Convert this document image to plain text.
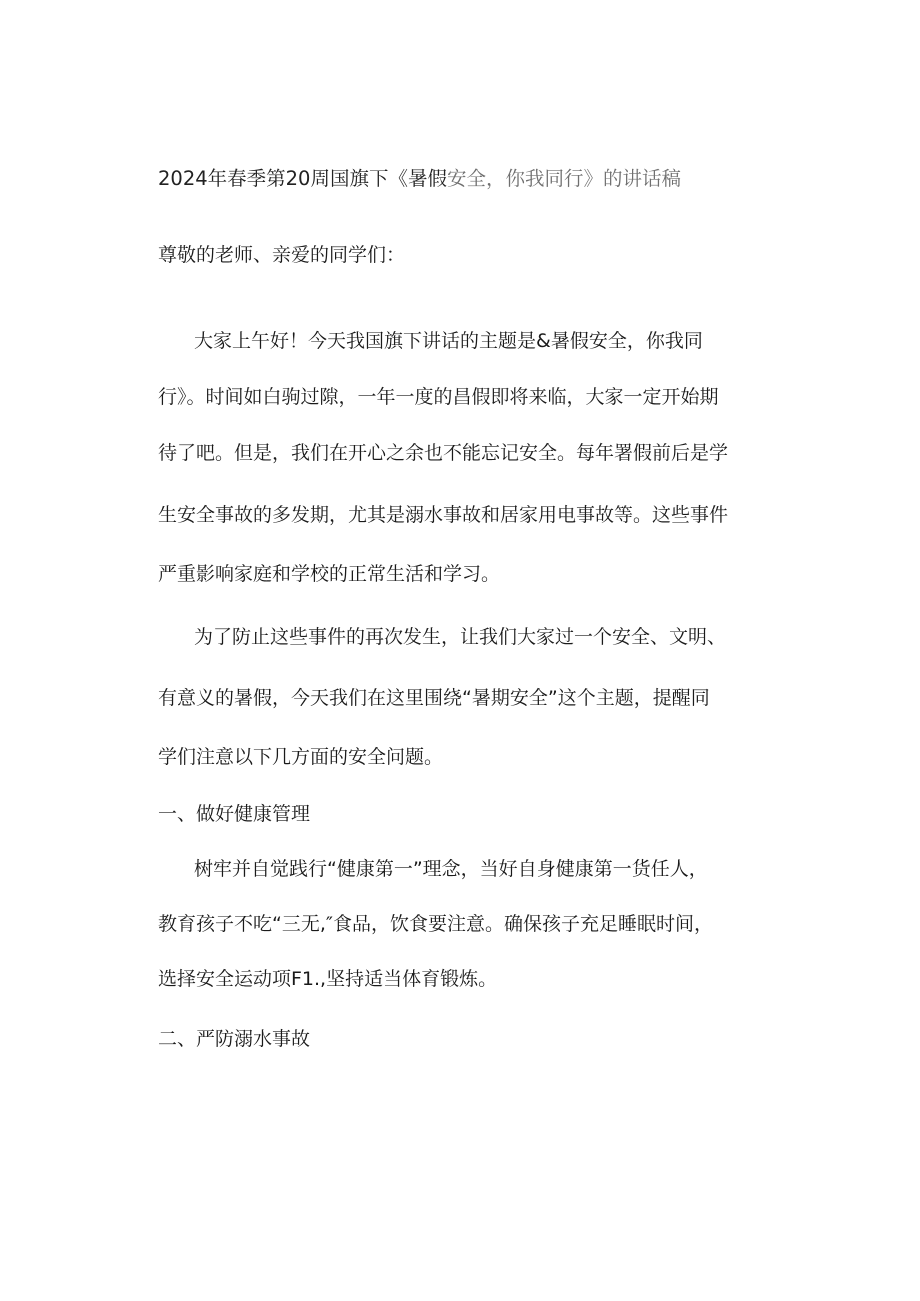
2024年春季第20周国旗下《暑假安全，你我同行》的讲话稿
尊敬的老师、亲爱的同学们：
大家上午好！今天我国旗下讲话的主题是&暑假安全，你我同
行》。时间如白驹过隙，一年一度的昌假即将来临，大家一定开始期
待了吧。但是，我们在开心之余也不能忘记安全。每年署假前后是学
生安全事故的多发期，尤其是溺水事故和居家用电事故等。这些事件
严重影响家庭和学校的正常生活和学习。
为了防止这些事件的再次发生，让我们大家过一个安全、文明、
有意义的暑假，今天我们在这里围绕“暑期安全”这个主题，提醒同
学们注意以下几方面的安全问题。
一、做好健康管理
树牢并自觉践行“健康第一”理念，当好自身健康第一货任人，
教育孩子不吃“三无,″食品，饮食要注意。确保孩子充足睡眠时间，
选择安全运动项F1.,坚持适当体育锻炼。
二、严防溺水事故
